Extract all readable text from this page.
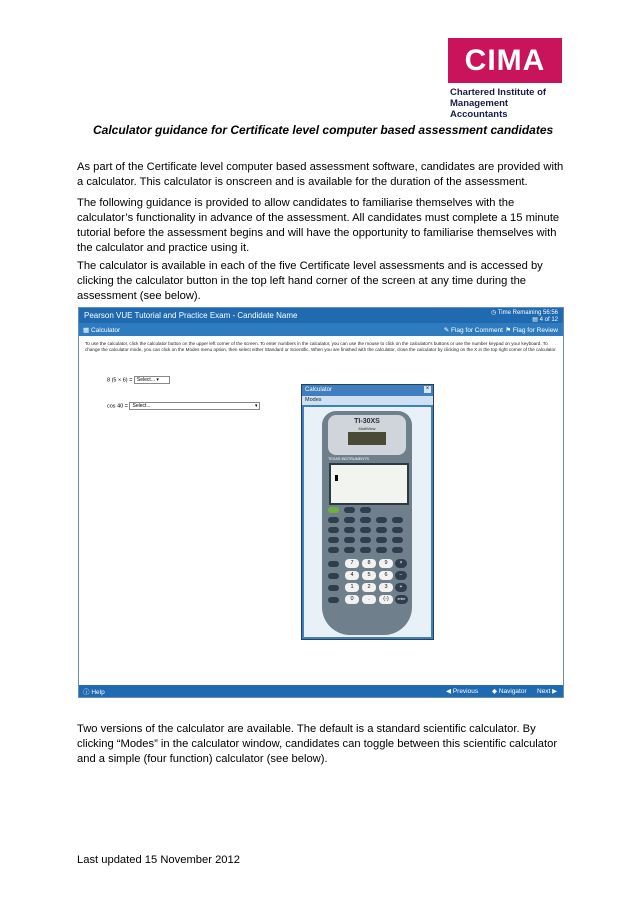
CIMA
Chartered Institute of
Management Accountants
Calculator guidance for Certificate level computer based assessment candidates
As part of the Certificate level computer based assessment software, candidates are provided with a calculator. This calculator is onscreen and is available for the duration of the assessment.
The following guidance is provided to allow candidates to familiarise themselves with the calculator’s functionality in advance of the assessment. All candidates must complete a 15 minute tutorial before the assessment begins and will have the opportunity to familiarise themselves with the calculator and practice using it.
The calculator is available in each of the five Certificate level assessments and is accessed by clicking the calculator button in the top left hand corner of the screen at any time during the assessment (see below).
Pearson VUE Tutorial and Practice Exam - Candidate Name	◷ Time Remaining 56:56
▤ 4 of 12
▦ Calculator	✎ Flag for Comment ⚑ Flag for Review
To use the calculator, click the calculator button on the upper left corner of the screen. To enter numbers in the calculator, you can use the mouse to click on the calculator's buttons or use the number keypad on your keyboard. To change the calculator mode, you can click on the Modes menu option, then select either Standard or Scientific. When you are finished with the calculator, close the calculator by clicking on the X in the top right corner of the calculator.
8 (5 × 6) = Select... ▾
cos 40 = Select...	▾
Calculator	×
Modes
TI-30XS
MultiView
TEXAS INSTRUMENTS
7	8	9	×
4	5	6	−
1	2	3	+
0	.	(-)	enter
ⓘ Help	◀ Previous ◆ Navigator Next ▶
Two versions of the calculator are available. The default is a standard scientific calculator. By clicking “Modes” in the calculator window, candidates can toggle between this scientific calculator and a simple (four function) calculator (see below).
Last updated 15 November 2012
